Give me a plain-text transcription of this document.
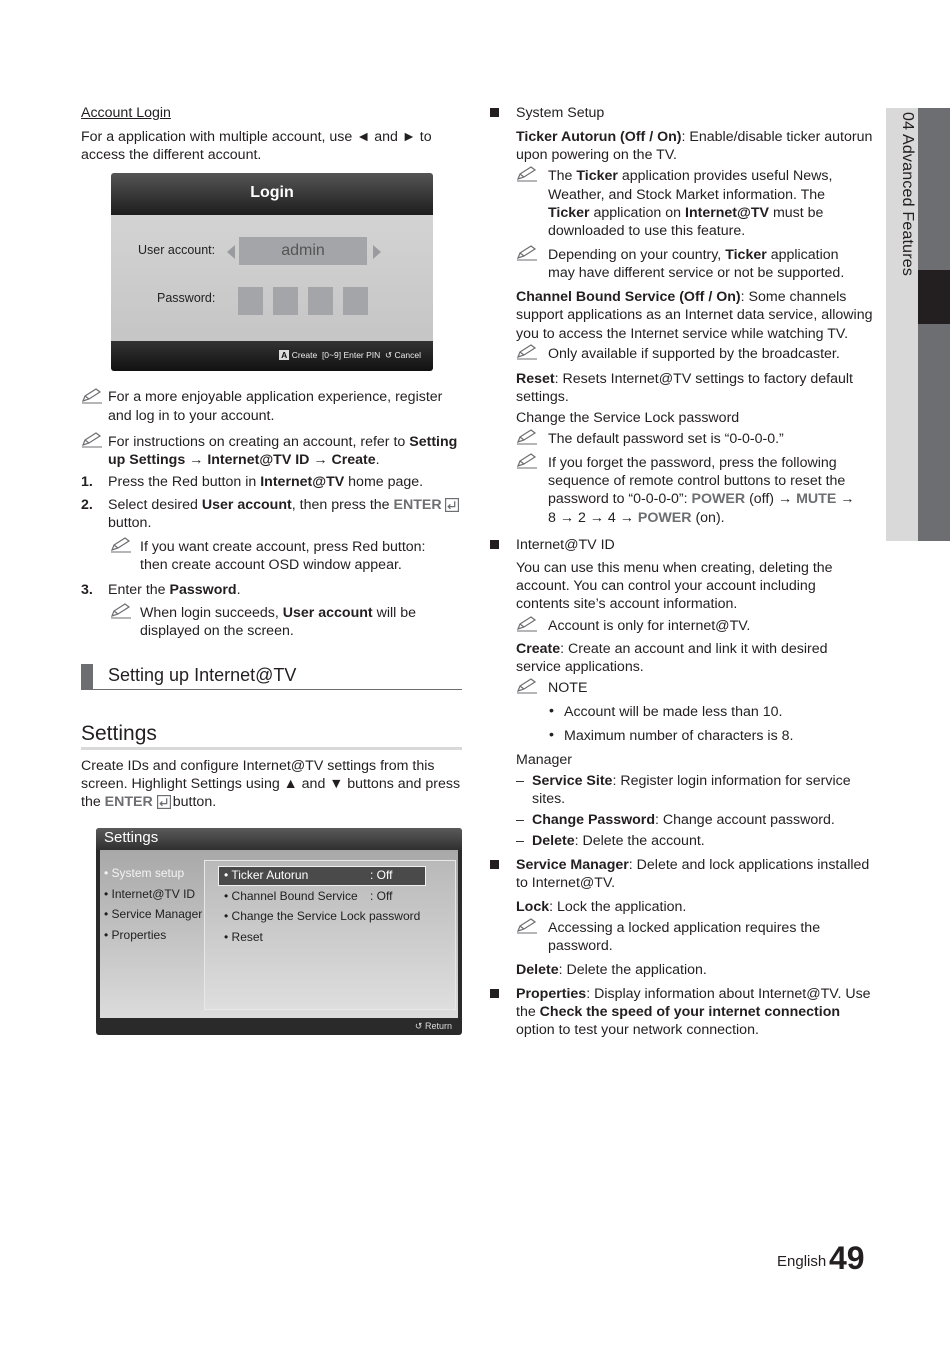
04 Advanced Features
Account Login
For a application with multiple account, use ◄ and ► to
access the different account.
Login
User account:	admin
Password:
A Create [0~9] Enter PIN ↺ Cancel
For a more enjoyable application experience, register
and log in to your account.
For instructions on creating an account, refer to Setting
up Settings → Internet@TV ID → Create.
1. Press the Red button in Internet@TV home page.
2. Select desired User account, then press the ENTER
button.
If you want create account, press Red button:
then create account OSD window appear.
3. Enter the Password.
When login succeeds, User account will be
displayed on the screen.
Setting up Internet@TV
Settings
Create IDs and configure Internet@TV settings from this
screen. Highlight Settings using ▲ and ▼ buttons and press
the ENTER button.
Settings
• System setup
• Internet@TV ID
• Service Manager
• Properties
• Ticker Autorun	: Off
• Channel Bound Service : Off
• Change the Service Lock password
• Reset
↺ Return
System Setup
Ticker Autorun (Off / On): Enable/disable ticker autorun
upon powering on the TV.
The Ticker application provides useful News,
Weather, and Stock Market information. The
Ticker application on Internet@TV must be
downloaded to use this feature.
Depending on your country, Ticker application
may have different service or not be supported.
Channel Bound Service (Off / On): Some channels
support applications as an Internet data service, allowing
you to access the Internet service while watching TV.
Only available if supported by the broadcaster.
Reset: Resets Internet@TV settings to factory default
settings.
Change the Service Lock password
The default password set is “0-0-0-0.”
If you forget the password, press the following
sequence of remote control buttons to reset the
password to “0-0-0-0”: POWER (off) → MUTE →
8 → 2 → 4 → POWER (on).
Internet@TV ID
You can use this menu when creating, deleting the
account. You can control your account including
contents site’s account information.
Account is only for internet@TV.
Create: Create an account and link it with desired
service applications.
NOTE
• Account will be made less than 10.
• Maximum number of characters is 8.
Manager
– Service Site: Register login information for service
sites.
– Change Password: Change account password.
– Delete: Delete the account.
Service Manager: Delete and lock applications installed
to Internet@TV.
Lock: Lock the application.
Accessing a locked application requires the
password.
Delete: Delete the application.
Properties: Display information about Internet@TV. Use
the Check the speed of your internet connection
option to test your network connection.
English 49
